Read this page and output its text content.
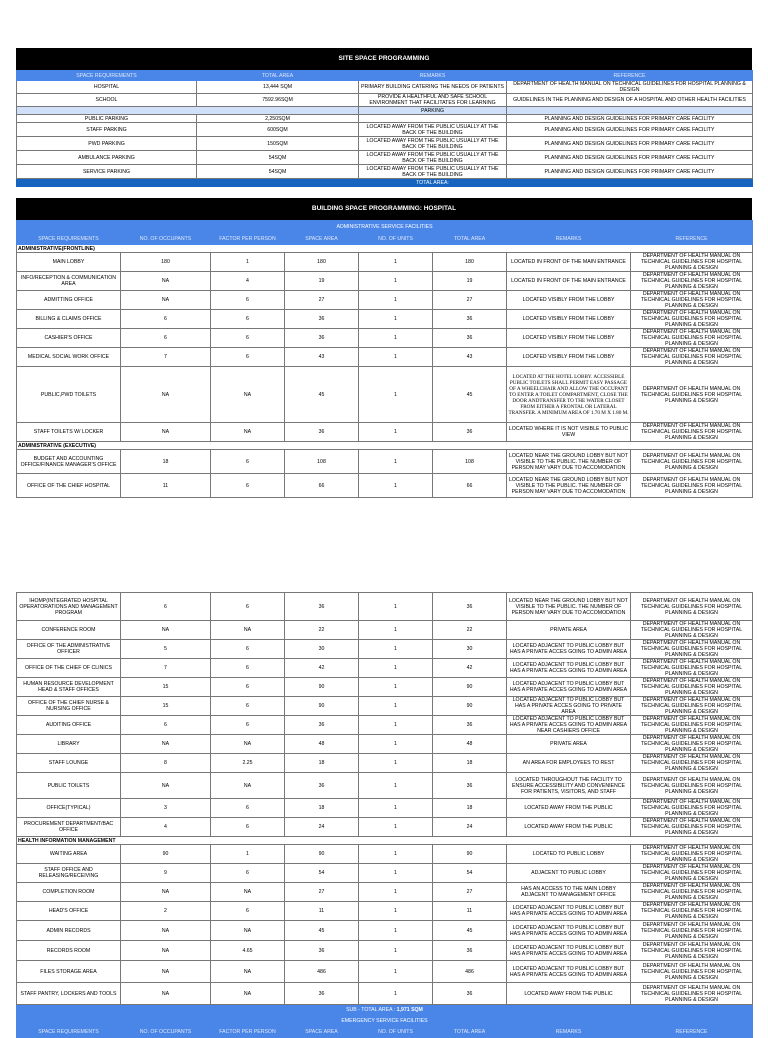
SITE SPACE PROGRAMMING
SPACE REQUIREMENTS	TOTAL AREA	REMARKS	REFERENCE
HOSPITAL	13,444 SQM	PRIMARY BUILDING CATERING THE NEEDS OF PATIENTS	DEPARTMENT OF HEALTH MANUAL ON TECHNICAL GUIDELINES FOR HOSPITAL PLANNING & DESIGN
SCHOOL	7592.96SQM	PROVIDE A HEALTHFUL AND SAFE SCHOOL ENVIRONMENT THAT FACILITATES FOR LEARNING	GUIDELINES IN THE PLANNING AND DESIGN OF A HOSPITAL AND OTHER HEALTH FACILITIES
		PARKING	
PUBLIC PARKING	2,250SQM		PLANNING AND DESIGN GUIDELINES FOR PRIMARY CARE FACILITY
STAFF PARKING	600SQM	LOCATED AWAY FROM THE PUBLIC USUALLY AT THE BACK OF THE BUILDING	PLANNING AND DESIGN GUIDELINES FOR PRIMARY CARE FACILITY
PWD PARKING	150SQM	LOCATED AWAY FROM THE PUBLIC USUALLY AT THE BACK OF THE BUILDING	PLANNING AND DESIGN GUIDELINES FOR PRIMARY CARE FACILITY
AMBULANCE PARKING	54SQM	LOCATED AWAY FROM THE PUBLIC USUALLY AT THE BACK OF THE BUILDING	PLANNING AND DESIGN GUIDELINES FOR PRIMARY CARE FACILITY
SERVICE PARKING	54SQM	LOCATED AWAY FROM THE PUBLIC USUALLY AT THE BACK OF THE BUILDING	PLANNING AND DESIGN GUIDELINES FOR PRIMARY CARE FACILITY
		TOTAL AREA:	
BUILDING SPACE PROGRAMMING: HOSPITAL
ADMINISTRATIVE SERVICE FACILITIES							
SPACE REQUIREMENTS	NO. OF OCCUPANTS	FACTOR PER PERSON	SPACE AREA	NO. OF UNITS	TOTAL AREA	REMARKS	REFERENCE
ADMINISTRATIVE(FRONTLINE)							
MAIN LOBBY	180	1	180	1	180	LOCATED IN FRONT OF THE MAIN ENTRANCE	DEPARTMENT OF HEALTH MANUAL ON TECHNICAL GUIDELINES FOR HOSPITAL PLANNING & DESIGN
INFO/RECEPTION & COMMUNICATION AREA	NA	4	19	1	19	LOCATED IN FRONT OF THE MAIN ENTRANCE	DEPARTMENT OF HEALTH MANUAL ON TECHNICAL GUIDELINES FOR HOSPITAL PLANNING & DESIGN
ADMITTING OFFICE	NA	6	27	1	27	LOCATED VISIBLY FROM THE LOBBY	DEPARTMENT OF HEALTH MANUAL ON TECHNICAL GUIDELINES FOR HOSPITAL PLANNING & DESIGN
BILLING & CLAIMS OFFICE	6	6	36	1	36	LOCATED VISIBLY FROM THE LOBBY	DEPARTMENT OF HEALTH MANUAL ON TECHNICAL GUIDELINES FOR HOSPITAL PLANNING & DESIGN
CASHIER'S OFFICE	6	6	36	1	36	LOCATED VISIBLY FROM THE LOBBY	DEPARTMENT OF HEALTH MANUAL ON TECHNICAL GUIDELINES FOR HOSPITAL PLANNING & DESIGN
MEDICAL SOCIAL WORK OFFICE	7	6	43	1	43	LOCATED VISIBLY FROM THE LOBBY	DEPARTMENT OF HEALTH MANUAL ON TECHNICAL GUIDELINES FOR HOSPITAL PLANNING & DESIGN
PUBLIC,PWD TOILETS	NA	NA	45	1	45	LOCATED AT THE HOTEL LOBBY. ACCESSIBLE PUBLIC TOILETS SHALL PERMIT EASY PASSAGE OF A WHEELCHAIR AND ALLOW THE OCCUPANT TO ENTER A TOILET COMPARTMENT, CLOSE THE DOOR ANDTRANSFER TO THE WATER CLOSET FROM EITHER A FRONTAL OR LATERAL TRANSFER. A MINIMUM AREA OF 1.70 M X 1.80 M.	DEPARTMENT OF HEALTH MANUAL ON TECHNICAL GUIDELINES FOR HOSPITAL PLANNING & DESIGN
STAFF TOILETS W/ LOCKER	NA	NA	36	1	36	LOCATED WHERE IT IS NOT VISIBLE TO PUBLIC VIEW	DEPARTMENT OF HEALTH MANUAL ON TECHNICAL GUIDELINES FOR HOSPITAL PLANNING & DESIGN
ADMINISTRATIVE (EXECUTIVE)							
BUDGET AND ACCOUNTING OFFICE/FINANCE MANAGER'S OFFICE	18	6	108	1	108	LOCATED NEAR THE GROUND LOBBY BUT NOT VISIBLE TO THE PUBLIC. THE NUMBER OF PERSON MAY VARY DUE TO ACCOMODATION	DEPARTMENT OF HEALTH MANUAL ON TECHNICAL GUIDELINES FOR HOSPITAL PLANNING & DESIGN
OFFICE OF THE CHIEF HOSPITAL	11	6	66	1	66	LOCATED NEAR THE GROUND LOBBY BUT NOT VISIBLE TO THE PUBLIC. THE NUMBER OF PERSON MAY VARY DUE TO ACCOMODATION	DEPARTMENT OF HEALTH MANUAL ON TECHNICAL GUIDELINES FOR HOSPITAL PLANNING & DESIGN
IHOMP(INTEGRATED HOSPITAL OPERATORATIONS AND MANAGEMENT PROGRAM	6	6	36	1	36	LOCATED NEAR THE GROUND LOBBY BUT NOT VISIBLE TO THE PUBLIC. THE NUMBER OF PERSON MAY VARY DUE TO ACCOMODATION	DEPARTMENT OF HEALTH MANUAL ON TECHNICAL GUIDELINES FOR HOSPITAL PLANNING & DESIGN
CONFERENCE ROOM	NA	NA	22	1	22	PRIVATE AREA	DEPARTMENT OF HEALTH MANUAL ON TECHNICAL GUIDELINES FOR HOSPITAL PLANNING & DESIGN
OFFICE OF THE ADMINISTRATIVE OFFICER	5	6	30	1	30	LOCATED ADJACENT TO PUBLIC LOBBY BUT HAS A PRIVATE ACCES GOING TO ADMIN AREA	DEPARTMENT OF HEALTH MANUAL ON TECHNICAL GUIDELINES FOR HOSPITAL PLANNING & DESIGN
OFFICE OF THE CHIEF OF CLINICS	7	6	42	1	42	LOCATED ADJACENT TO PUBLIC LOBBY BUT HAS A PRIVATE ACCES GOING TO ADMIN AREA	DEPARTMENT OF HEALTH MANUAL ON TECHNICAL GUIDELINES FOR HOSPITAL PLANNING & DESIGN
HUMAN RESOURCE DEVELOPMENT HEAD & STAFF OFFICES	15	6	90	1	90	LOCATED ADJACENT TO PUBLIC LOBBY BUT HAS A PRIVATE ACCES GOING TO ADMIN AREA	DEPARTMENT OF HEALTH MANUAL ON TECHNICAL GUIDELINES FOR HOSPITAL PLANNING & DESIGN
OFFICE OF THE CHIEF NURSE & NURSING OFFICE	15	6	90	1	90	LOCATED ADJACENT TO PUBLIC LOBBY BUT HAS A PRIVATE ACCES GOING TO PRIVATE AREA	DEPARTMENT OF HEALTH MANUAL ON TECHNICAL GUIDELINES FOR HOSPITAL PLANNING & DESIGN
AUDITING OFFICE	6	6	36	1	36	LOCATED ADJACENT TO PUBLIC LOBBY BUT HAS A PRIVATE ACCES GOING TO ADMIN AREA NEAR CASHIERS OFFICE	DEPARTMENT OF HEALTH MANUAL ON TECHNICAL GUIDELINES FOR HOSPITAL PLANNING & DESIGN
LIBRARY	NA	NA	48	1	48	PRIVATE AREA	DEPARTMENT OF HEALTH MANUAL ON TECHNICAL GUIDELINES FOR HOSPITAL PLANNING & DESIGN
STAFF LOUNGE	8	2.25	18	1	18	AN AREA FOR EMPLOYEES TO REST	DEPARTMENT OF HEALTH MANUAL ON TECHNICAL GUIDELINES FOR HOSPITAL PLANNING & DESIGN
PUBLIC TOILETS	NA	NA	36	1	36	LOCATED THROUGHOUT THE FACILITY TO ENSURE ACCESSIBILITY AND CONVENIENCE FOR PATIENTS, VISITORS, AND STAFF	DEPARTMENT OF HEALTH MANUAL ON TECHNICAL GUIDELINES FOR HOSPITAL PLANNING & DESIGN
OFFICE(TYPICAL)	3	6	18	1	18	LOCATED AWAY FROM THE PUBLIC	DEPARTMENT OF HEALTH MANUAL ON TECHNICAL GUIDELINES FOR HOSPITAL PLANNING & DESIGN
PROCUREMENT DEPARTMENT/BAC OFFICE	4	6	24	1	24	LOCATED AWAY FROM THE PUBLIC	DEPARTMENT OF HEALTH MANUAL ON TECHNICAL GUIDELINES FOR HOSPITAL PLANNING & DESIGN
HEALTH INFORMATION MANAGEMENT							
WAITING AREA	90	1	90	1	90	LOCATED TO PUBLIC LOBBY	DEPARTMENT OF HEALTH MANUAL ON TECHNICAL GUIDELINES FOR HOSPITAL PLANNING & DESIGN
STAFF OFFICE AND RELEASING/RECEIVING	9	6	54	1	54	ADJACENT TO PUBLIC LOBBY	DEPARTMENT OF HEALTH MANUAL ON TECHNICAL GUIDELINES FOR HOSPITAL PLANNING & DESIGN
COMPLETION ROOM	NA	NA	27	1	27	HAS AN ACCESS TO THE MAIN LOBBY ADJACENT TO MANAGEMENT OFFICE	DEPARTMENT OF HEALTH MANUAL ON TECHNICAL GUIDELINES FOR HOSPITAL PLANNING & DESIGN
HEAD'S OFFICE	2	6	11	1	11	LOCATED ADJACENT TO PUBLIC LOBBY BUT HAS A PRIVATE ACCES GOING TO ADMIN AREA	DEPARTMENT OF HEALTH MANUAL ON TECHNICAL GUIDELINES FOR HOSPITAL PLANNING & DESIGN
ADMIN RECORDS	NA	NA	45	1	45	LOCATED ADJACENT TO PUBLIC LOBBY BUT HAS A PRIVATE ACCES GOING TO ADMIN AREA	DEPARTMENT OF HEALTH MANUAL ON TECHNICAL GUIDELINES FOR HOSPITAL PLANNING & DESIGN
RECORDS ROOM	NA	4.65	36	1	36	LOCATED ADJACENT TO PUBLIC LOBBY BUT HAS A PRIVATE ACCES GOING TO ADMIN AREA	DEPARTMENT OF HEALTH MANUAL ON TECHNICAL GUIDELINES FOR HOSPITAL PLANNING & DESIGN
FILES STORAGE AREA	NA	NA	486	1	486	LOCATED ADJACENT TO PUBLIC LOBBY BUT HAS A PRIVATE ACCES GOING TO ADMIN AREA	DEPARTMENT OF HEALTH MANUAL ON TECHNICAL GUIDELINES FOR HOSPITAL PLANNING & DESIGN
STAFF PANTRY, LOCKERS AND TOOLS	NA	NA	36	1	36	LOCATED AWAY FROM THE PUBLIC	DEPARTMENT OF HEALTH MANUAL ON TECHNICAL GUIDELINES FOR HOSPITAL PLANNING & DESIGN
SUB - TOTAL AREA : 1,971 SQM							
EMERGENCY SERVICE FACILITIES							
SPACE REQUIREMENTS	NO. OF OCCUPANTS	FACTOR PER PERSON	SPACE AREA	NO. OF UNITS	TOTAL AREA	REMARKS	REFERENCE
